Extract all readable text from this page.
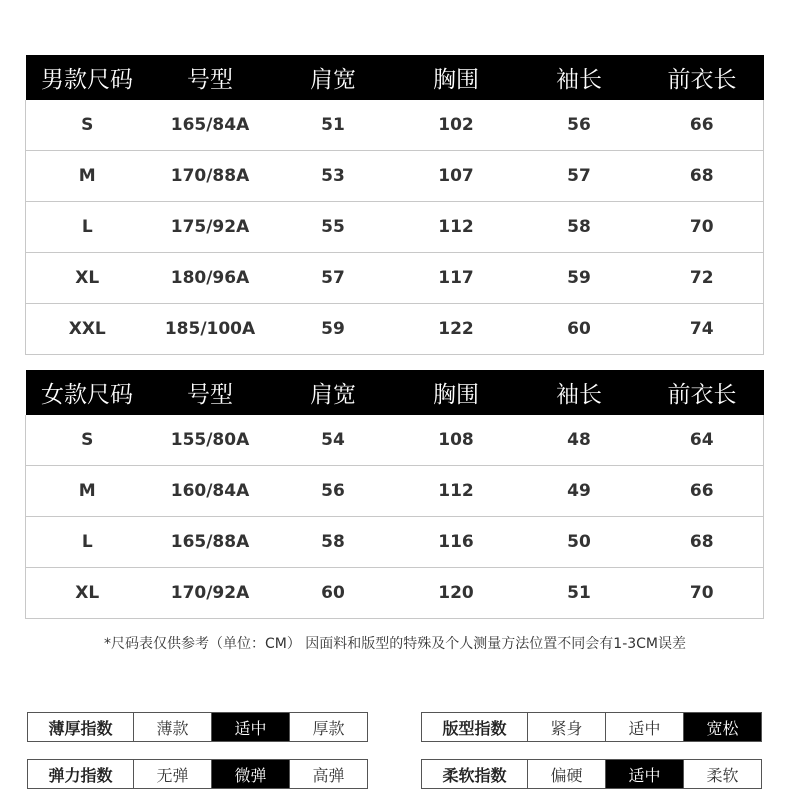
男款尺码	号型	肩宽	胸围	袖长	前衣长
S	165/84A	51	102	56	66
M	170/88A	53	107	57	68
L	175/92A	55	112	58	70
XL	180/96A	57	117	59	72
XXL	185/100A	59	122	60	74
女款尺码	号型	肩宽	胸围	袖长	前衣长
S	155/80A	54	108	48	64
M	160/84A	56	112	49	66
L	165/88A	58	116	50	68
XL	170/92A	60	120	51	70
*尺码表仅供参考（单位：CM） 因面料和版型的特殊及个人测量方法位置不同会有1-3CM误差
薄厚指数	薄款	适中	厚款	版型指数	紧身	适中	宽松
弹力指数	无弹	微弹	高弹	柔软指数	偏硬	适中	柔软
